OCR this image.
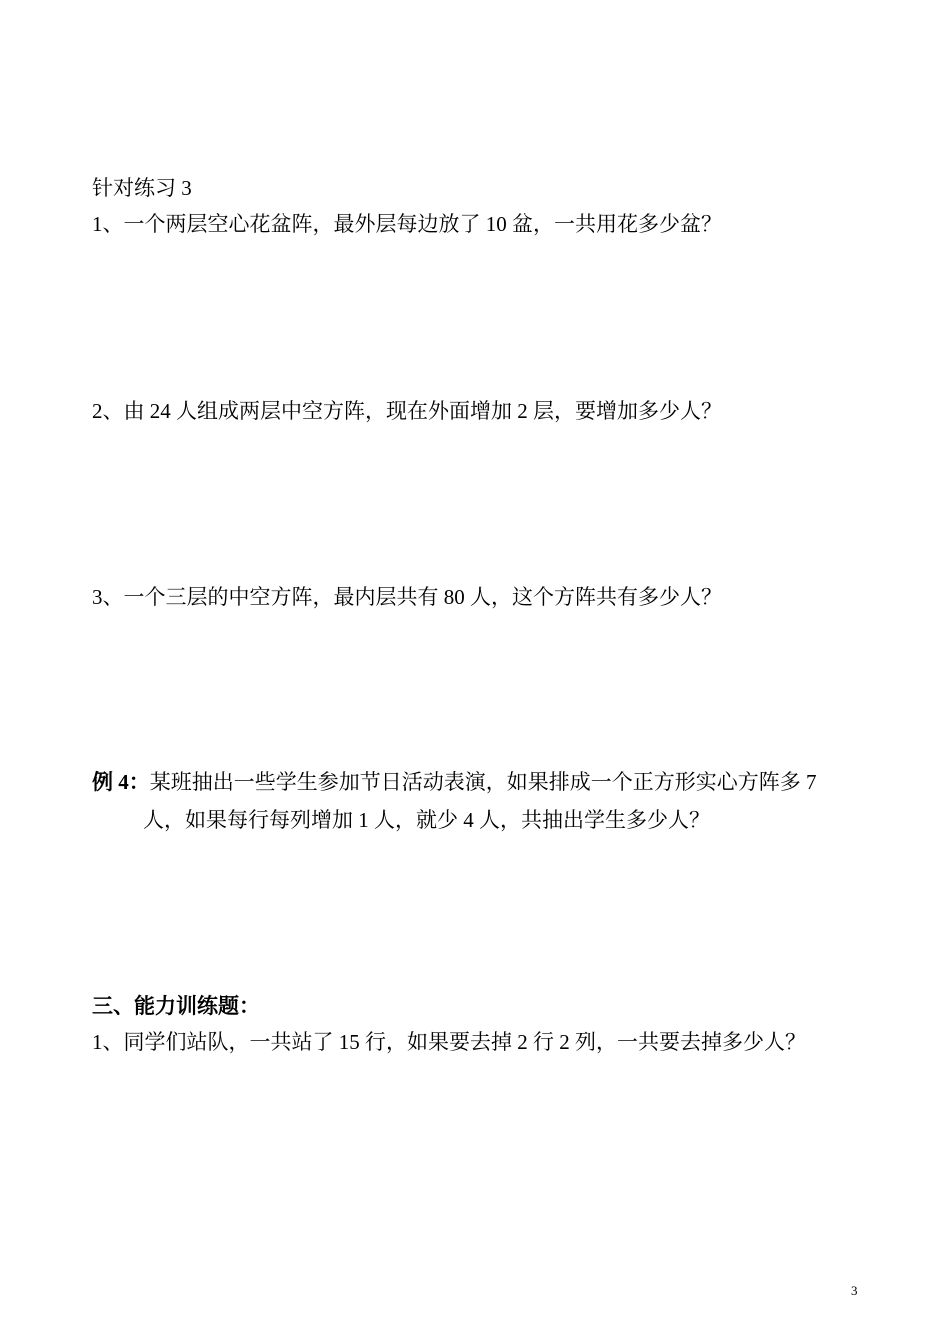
针对练习 3
1、一个两层空心花盆阵，最外层每边放了 10 盆，一共用花多少盆？
2、由 24 人组成两层中空方阵，现在外面增加 2 层，要增加多少人？
3、一个三层的中空方阵，最内层共有 80 人，这个方阵共有多少人？
例 4：某班抽出一些学生参加节日活动表演，如果排成一个正方形实心方阵多 7
人，如果每行每列增加 1 人，就少 4 人，共抽出学生多少人？
三、能力训练题：
1、同学们站队，一共站了 15 行，如果要去掉 2 行 2 列，一共要去掉多少人？
3
